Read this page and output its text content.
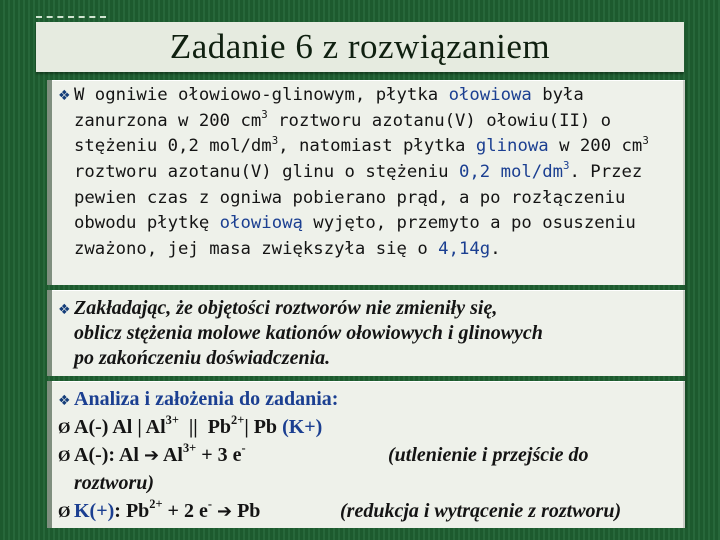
Zadanie 6 z rozwiązaniem
❖ W ogniwie ołowiowo-glinowym, płytka ołowiowa była
zanurzona w 200 $cm^3$ roztworu azotanu(V) ołowiu(II) o
stężeniu 0,2 mol/$dm^3$, natomiast płytka glinowa w 200 $cm^3$
roztworu azotanu(V) glinu o stężeniu 0,2 mol/$dm^3$. Przez
pewien czas z ogniwa pobierano prąd, a po rozłączeniu
obwodu płytkę ołowiową wyjęto, przemyto a po osuszeniu
zważono, jej masa zwiększyła się o 4,14g.
❖ Zakładając, że objętości roztworów nie zmieniły się,
oblicz stężenia molowe kationów ołowiowych i glinowych
po zakończeniu doświadczenia.
❖ Analiza i założenia do zadania:
Ø A(-) Al | $Al^{3+}$  ||  $Pb^{2+}|$ Pb (K+)
Ø A(-): Al ➔ $Al^{3+} + 3$ e-	(utlenienie i przejście do
roztworu)
Ø K(+): $Pb^{2+} + 2$ e- ➔ Pb	(redukcja i wytrącenie z roztworu)
